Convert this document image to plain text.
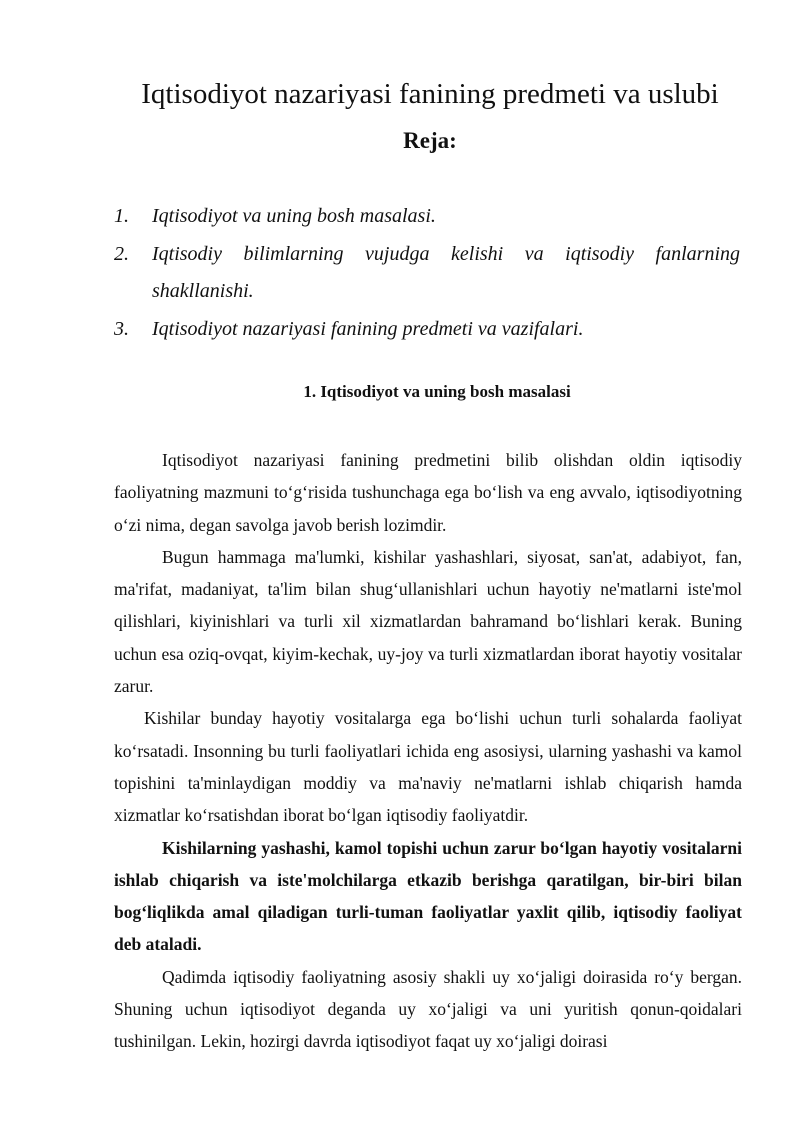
Iqtisodiyot nazariyasi fanining predmeti va uslubi
Reja:
1. Iqtisodiyot va uning bosh masalasi.
2. Iqtisodiy bilimlarning vujudga kelishi va iqtisodiy fanlarning shakllanishi.
3. Iqtisodiyot nazariyasi fanining predmeti va vazifalari.
1. Iqtisodiyot va uning bosh masalasi

Iqtisodiyot nazariyasi fanining predmetini bilib olishdan oldin iqtisodiy faoliyatning mazmuni to‘g‘risida tushunchaga ega bo‘lish va eng avvalo, iqtisodiyotning o‘zi nima, degan savolga javob berish lozimdir.

Bugun hammaga ma'lumki, kishilar yashashlari, siyosat, san'at, adabiyot, fan, ma'rifat, madaniyat, ta'lim bilan shug‘ullanishlari uchun hayotiy ne'matlarni iste'mol qilishlari, kiyinishlari va turli xil xizmatlardan bahramand bo‘lishlari kerak. Buning uchun esa oziq-ovqat, kiyim-kechak, uy-joy va turli xizmatlardan iborat hayotiy vositalar zarur.

Kishilar bunday hayotiy vositalarga ega bo‘lishi uchun turli sohalarda faoliyat ko‘rsatadi. Insonning bu turli faoliyatlari ichida eng asosiysi, ularning yashashi va kamol topishini ta'minlaydigan moddiy va ma'naviy ne'matlarni ishlab chiqarish hamda xizmatlar ko‘rsatishdan iborat bo‘lgan iqtisodiy faoliyatdir.

Kishilarning yashashi, kamol topishi uchun zarur bo‘lgan hayotiy vositalarni ishlab chiqarish va iste'molchilarga etkazib berishga qaratilgan, bir-biri bilan bog‘liqlikda amal qiladigan turli-tuman faoliyatlar yaxlit qilib, iqtisodiy faoliyat deb ataladi.

Qadimda iqtisodiy faoliyatning asosiy shakli uy xo‘jaligi doirasida ro‘y bergan. Shuning uchun iqtisodiyot deganda uy xo‘jaligi va uni yuritish qonun-qoidalari tushinilgan. Lekin, hozirgi davrda iqtisodiyot faqat uy xo‘jaligi doirasi
